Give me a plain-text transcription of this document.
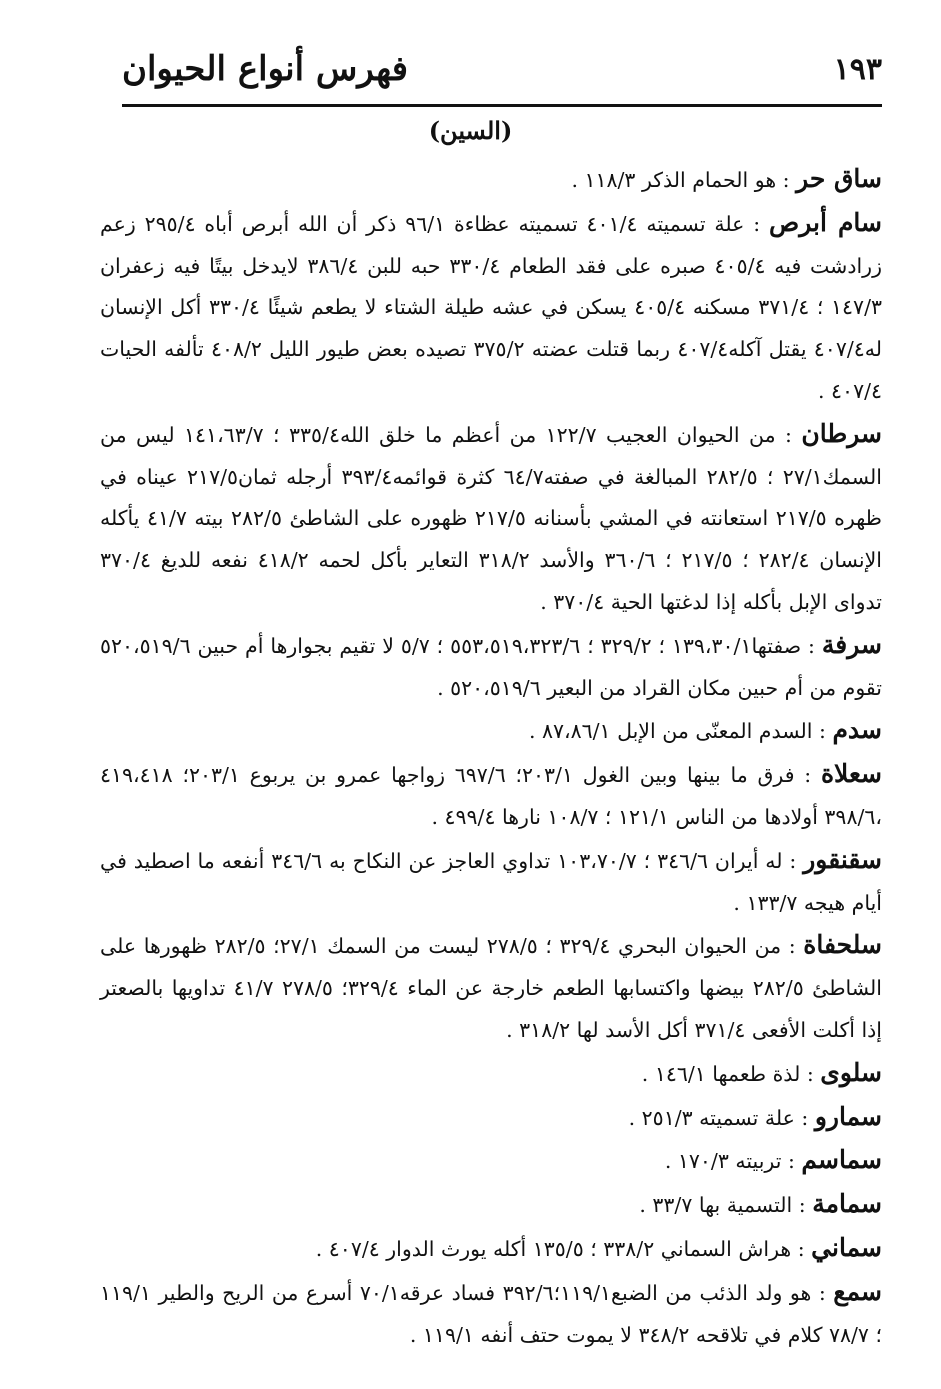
فهرس أنواع الحيوان	١٩٣
(السين)

ساق حر : هو الحمام الذكر ١١٨/٣ .

سام أبرص : علة تسميته ٤٠١/٤ تسميته عظاءة ٩٦/١ ذكر أن الله أبرص أباه ٢٩٥/٤ زعم زرادشت فيه ٤٠٥/٤ صبره على فقد الطعام ٣٣٠/٤ حبه للبن ٣٨٦/٤ لايدخل بيتًا فيه زعفران ١٤٧/٣ ؛ ٣٧١/٤ مسكنه ٤٠٥/٤ يسكن في عشه طيلة الشتاء لا يطعم شيئًا ٣٣٠/٤ أكل الإنسان له٤٠٧/٤ يقتل آكله٤٠٧/٤ ربما قتلت عضته ٣٧٥/٢ تصيده بعض طيور الليل ٤٠٨/٢ تألفه الحيات ٤٠٧/٤ .

سرطان : من الحيوان العجيب ١٢٢/٧ من أعظم ما خلق الله٣٣٥/٤ ؛ ١٤١،٦٣/٧ ليس من السمك٢٧/١ ؛ ٢٨٢/٥ المبالغة في صفته٦٤/٧ كثرة قوائمه٣٩٣/٤ أرجله ثمان٢١٧/٥ عيناه في ظهره ٢١٧/٥ استعانته في المشي بأسنانه ٢١٧/٥ ظهوره على الشاطئ ٢٨٢/٥ بيته ٤١/٧ يأكله الإنسان ٢٨٢/٤ ؛ ٢١٧/٥ ؛ ٣٦٠/٦ والأسد ٣١٨/٢ التعاير بأكل لحمه ٤١٨/٢ نفعه للديغ ٣٧٠/٤ تدواى الإبل بأكله إذا لدغتها الحية ٣٧٠/٤ .

سرفة : صفتها١٣٩،٣٠/١ ؛ ٣٢٩/٢ ؛ ٥٥٣،٥١٩،٣٢٣/٦ ؛ ٥/٧ لا تقيم بجوارها أم حبين ٥٢٠،٥١٩/٦ تقوم من أم حبين مكان القراد من البعير ٥٢٠،٥١٩/٦ .

سدم : السدم المعنّى من الإبل ٨٧،٨٦/١ .

سعلاة : فرق ما بينها وبين الغول ٢٠٣/١؛ ٦٩٧/٦ زواجها عمرو بن يربوع ٢٠٣/١؛ ٤١٩،٤١٨ ،٣٩٨/٦ أولادها من الناس ١٢١/١ ؛ ١٠٨/٧ نارها ٤٩٩/٤ .

سقنقور : له أيران ٣٤٦/٦ ؛ ١٠٣،٧٠/٧ تداوي العاجز عن النكاح به ٣٤٦/٦ أنفعه ما اصطيد في أيام هيجه ١٣٣/٧ .

سلحفاة : من الحيوان البحري ٣٢٩/٤ ؛ ٢٧٨/٥ ليست من السمك ٢٧/١؛ ٢٨٢/٥ ظهورها على الشاطئ ٢٨٢/٥ بيضها واكتسابها الطعم خارجة عن الماء ٣٢٩/٤؛ ٢٧٨/٥ ٤١/٧ تداويها بالصعتر إذا أكلت الأفعى ٣٧١/٤ أكل الأسد لها ٣١٨/٢ .

سلوى : لذة طعمها ١٤٦/١ .

سمارو : علة تسميته ٢٥١/٣ .

سماسم : تربيته ١٧٠/٣ .

سمامة : التسمية بها ٣٣/٧ .

سماني : هراش السماني ٣٣٨/٢ ؛ ١٣٥/٥ أكله يورث الدوار ٤٠٧/٤ .

سمع : هو ولد الذئب من الضبع١١٩/١؛٣٩٢/٦ فساد عرقه٧٠/١ أسرع من الريح والطير ١١٩/١ ؛ ٧٨/٧ كلام في تلاقحه ٣٤٨/٢ لا يموت حتف أنفه ١١٩/١ .
